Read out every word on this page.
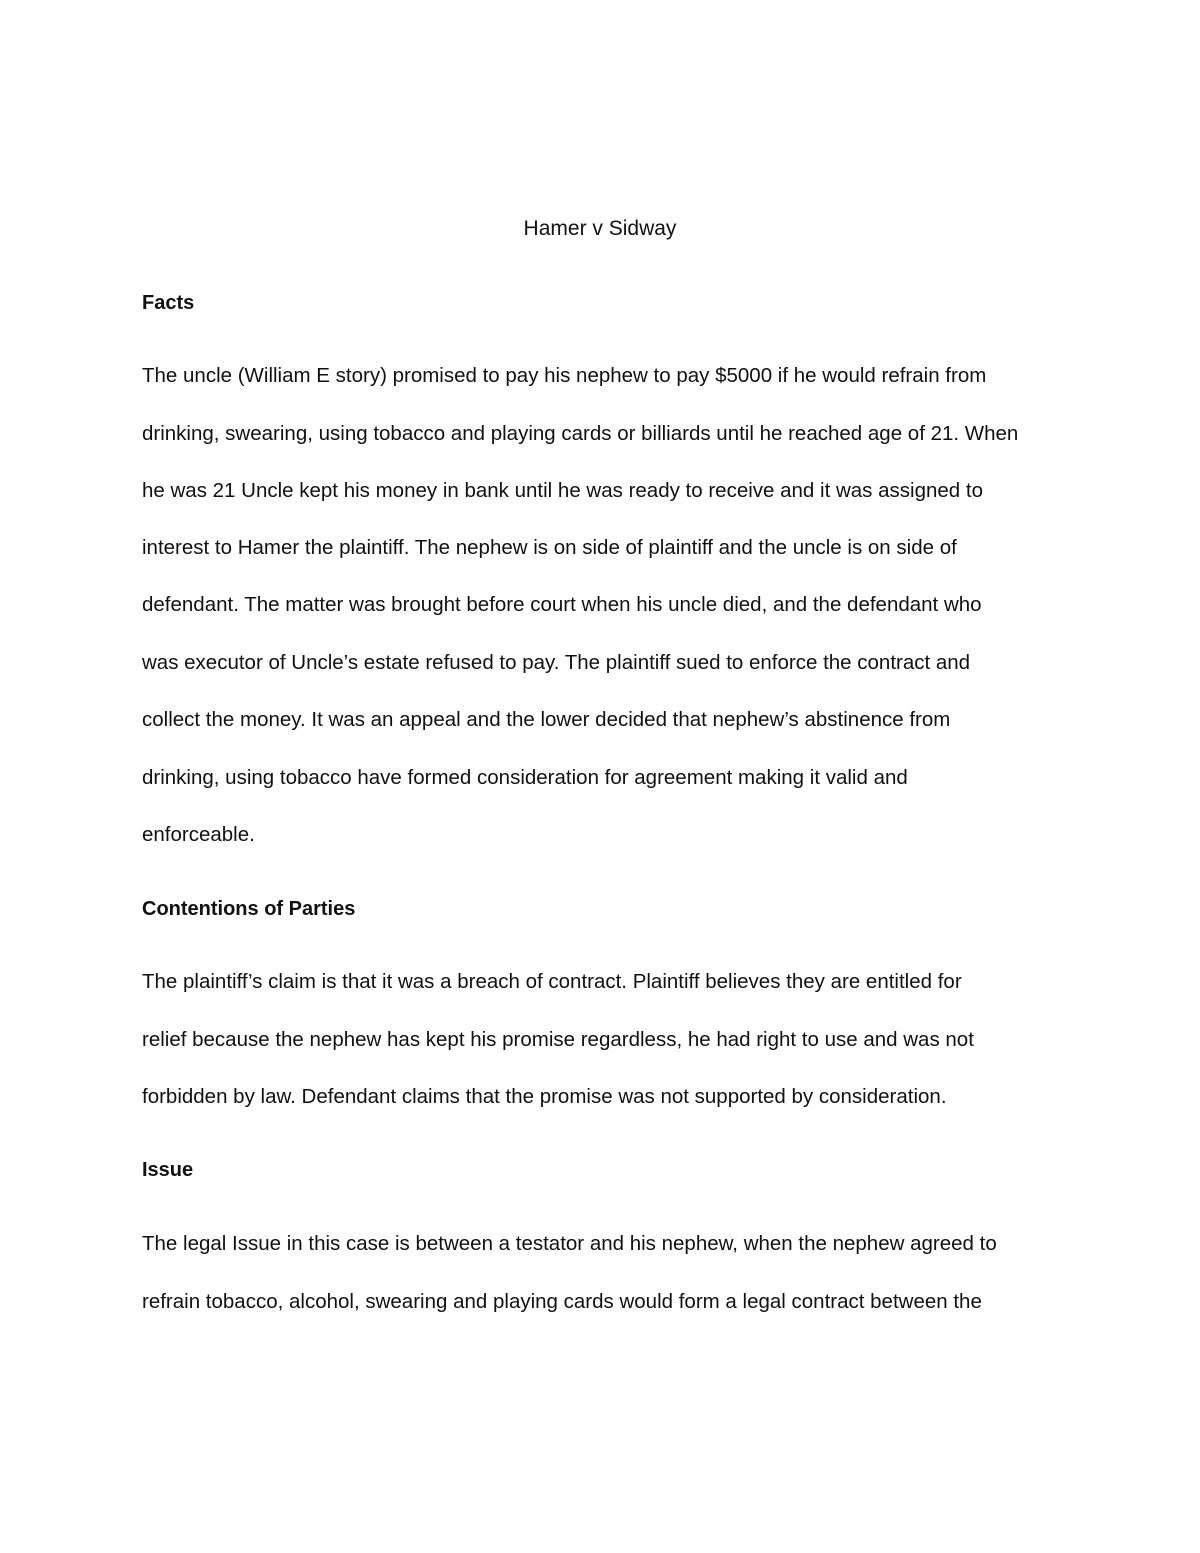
Hamer v Sidway
Facts
The uncle (William E story) promised to pay his nephew to pay $5000 if he would refrain from
drinking, swearing, using tobacco and playing cards or billiards until he reached age of 21. When
he was 21 Uncle kept his money in bank until he was ready to receive and it was assigned to
interest to Hamer the plaintiff. The nephew is on side of plaintiff and the uncle is on side of
defendant. The matter was brought before court when his uncle died, and the defendant who
was executor of Uncle’s estate refused to pay. The plaintiff sued to enforce the contract and
collect the money. It was an appeal and the lower decided that nephew’s abstinence from
drinking, using tobacco have formed consideration for agreement making it valid and
enforceable.
Contentions of Parties
The plaintiff’s claim is that it was a breach of contract. Plaintiff believes they are entitled for
relief because the nephew has kept his promise regardless, he had right to use and was not
forbidden by law. Defendant claims that the promise was not supported by consideration.
Issue
The legal Issue in this case is between a testator and his nephew, when the nephew agreed to
refrain tobacco, alcohol, swearing and playing cards would form a legal contract between the
